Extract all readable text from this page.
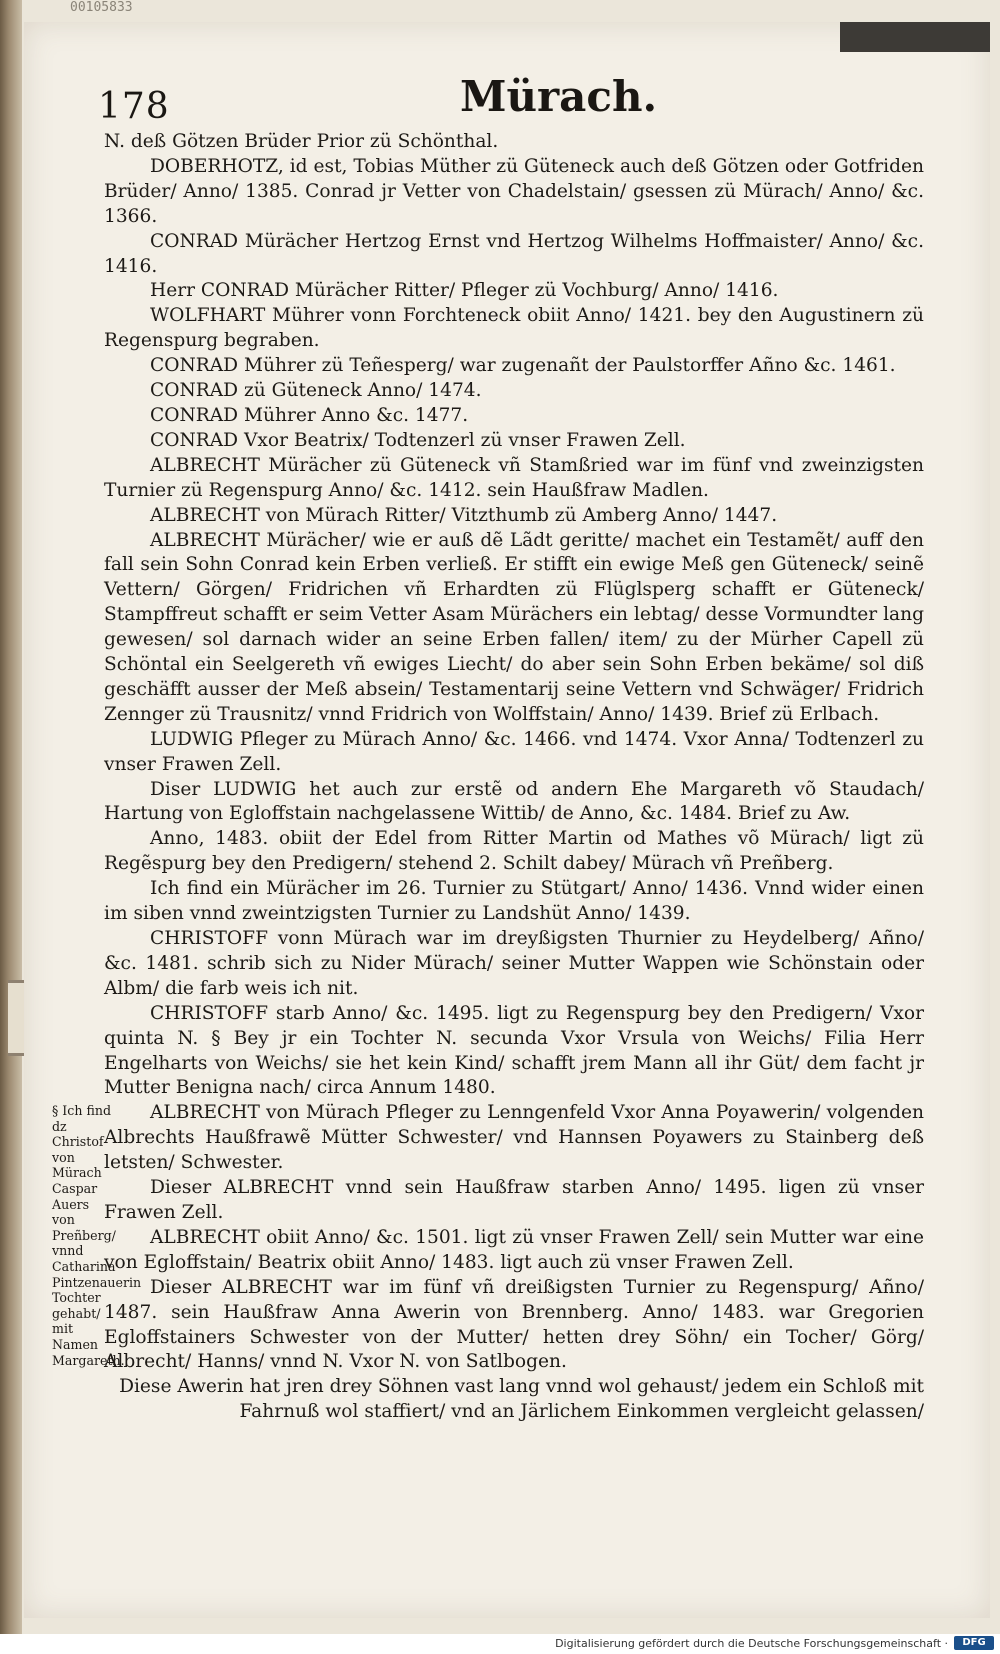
00105833
178	Mürach.

N. deß Götzen Brüder Prior zü Schönthal.

DOBERHOTZ, id est, Tobias Müther zü Güteneck auch deß Götzen oder Gotfriden Brüder/ Anno/ 1385. Conrad jr Vetter von Chadelstain/ gsessen zü Mürach/ Anno/ &c. 1366.

CONRAD Mürächer Hertzog Ernst vnd Hertzog Wilhelms Hoffmaister/ Anno/ &c. 1416.

Herr CONRAD Mürächer Ritter/ Pfleger zü Vochburg/ Anno/ 1416.

WOLFHART Mührer vonn Forchteneck obiit Anno/ 1421. bey den Augustinern zü Regenspurg begraben.

CONRAD Mührer zü Teñesperg/ war zugenañt der Paulstorffer Añno &c. 1461.

CONRAD zü Güteneck Anno/ 1474.

CONRAD Mührer Anno &c. 1477.

CONRAD Vxor Beatrix/ Todtenzerl zü vnser Frawen Zell.

ALBRECHT Mürächer zü Güteneck vñ Stamßried war im fünf vnd zweinzigsten Turnier zü Regenspurg Anno/ &c. 1412. sein Haußfraw Madlen.

ALBRECHT von Mürach Ritter/ Vitzthumb zü Amberg Anno/ 1447.

ALBRECHT Mürächer/ wie er auß dẽ Lãdt geritte/ machet ein Testamẽt/ auff den fall sein Sohn Conrad kein Erben verließ. Er stifft ein ewige Meß gen Güteneck/ seinẽ Vettern/ Görgen/ Fridrichen vñ Erhardten zü Flüglsperg schafft er Güteneck/ Stampffreut schafft er seim Vetter Asam Mürächers ein lebtag/ desse Vormundter lang gewesen/ sol darnach wider an seine Erben fallen/ item/ zu der Mürher Capell zü Schöntal ein Seelgereth vñ ewiges Liecht/ do aber sein Sohn Erben bekäme/ sol diß geschäfft ausser der Meß absein/ Testamentarij seine Vettern vnd Schwäger/ Fridrich Zennger zü Trausnitz/ vnnd Fridrich von Wolffstain/ Anno/ 1439. Brief zü Erlbach.

LUDWIG Pfleger zu Mürach Anno/ &c. 1466. vnd 1474. Vxor Anna/ Todtenzerl zu vnser Frawen Zell.

Diser LUDWIG het auch zur erstẽ od andern Ehe Margareth võ Staudach/ Hartung von Egloffstain nachgelassene Wittib/ de Anno, &c. 1484. Brief zu Aw.

Anno, 1483. obiit der Edel from Ritter Martin od Mathes võ Mürach/ ligt zü Regẽspurg bey den Predigern/ stehend 2. Schilt dabey/ Mürach vñ Preñberg.

Ich find ein Mürächer im 26. Turnier zu Stütgart/ Anno/ 1436. Vnnd wider einen im siben vnnd zweintzigsten Turnier zu Landshüt Anno/ 1439.

CHRISTOFF vonn Mürach war im dreyßigsten Thurnier zu Heydelberg/ Añno/ &c. 1481. schrib sich zu Nider Mürach/ seiner Mutter Wappen wie Schönstain oder Albm/ die farb weis ich nit.

CHRISTOFF starb Anno/ &c. 1495. ligt zu Regenspurg bey den Predigern/ Vxor quinta N. § Bey jr ein Tochter N. secunda Vxor Vrsula von Weichs/ Filia Herr Engelharts von Weichs/ sie het kein Kind/ schafft jrem Mann all ihr Güt/ dem facht jr Mutter Benigna nach/ circa Annum 1480.

ALBRECHT von Mürach Pfleger zu Lenngenfeld Vxor Anna Poyawerin/ volgenden Albrechts Haußfrawẽ Mütter Schwester/ vnd Hannsen Poyawers zu Stainberg deß letsten/ Schwester.

Dieser ALBRECHT vnnd sein Haußfraw starben Anno/ 1495. ligen zü vnser Frawen Zell.

ALBRECHT obiit Anno/ &c. 1501. ligt zü vnser Frawen Zell/ sein Mutter war eine von Egloffstain/ Beatrix obiit Anno/ 1483. ligt auch zü vnser Frawen Zell.

Dieser ALBRECHT war im fünf vñ dreißigsten Turnier zu Regenspurg/ Añno/ 1487. sein Haußfraw Anna Awerin von Brennberg. Anno/ 1483. war Gregorien Egloffstainers Schwester von der Mutter/ hetten drey Söhn/ ein Tocher/ Görg/ Albrecht/ Hanns/ vnnd N. Vxor N. von Satlbogen.

Diese Awerin hat jren drey Söhnen vast lang vnnd wol gehaust/ jedem ein Schloß mit Fahrnuß wol staffiert/ vnd an Järlichem Einkommen vergleicht gelassen/

§ Ich find dz Christof von Mürach Caspar Auers von Preñberg/ vnnd Catharina Pintzenauerin Tochter gehabt/ mit Namen Margareth.
Digitalisierung gefördert durch die Deutsche Forschungsgemeinschaft ·	DFG
